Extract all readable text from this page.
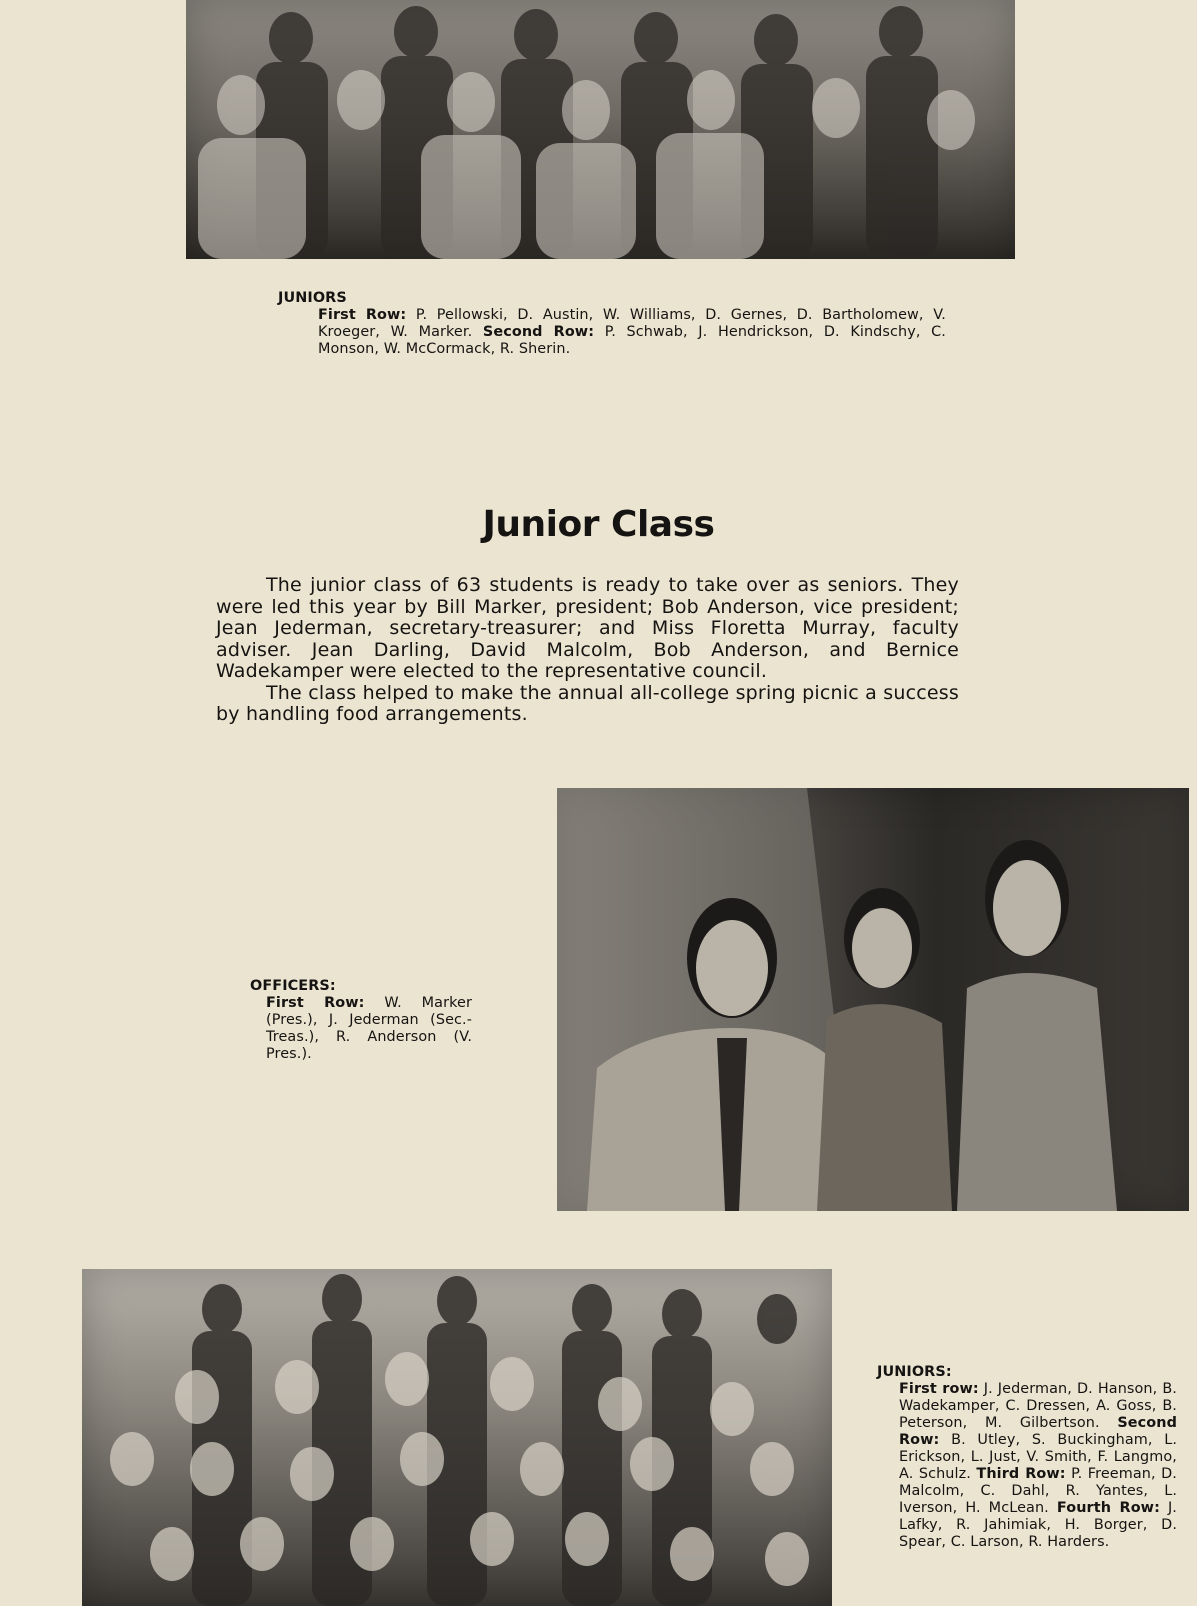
JUNIORS
First Row: P. Pellowski, D. Austin, W. Williams, D. Gernes, D. Bartholomew, V. Kroeger, W. Marker. Second Row: P. Schwab, J. Hendrickson, D. Kindschy, C. Monson, W. McCormack, R. Sherin.
Junior Class

The junior class of 63 students is ready to take over as seniors. They were led this year by Bill Marker, president; Bob Anderson, vice president; Jean Jederman, secretary-treasurer; and Miss Floretta Murray, faculty adviser. Jean Darling, David Malcolm, Bob Anderson, and Bernice Wadekamper were elected to the representative council.

The class helped to make the annual all-college spring picnic a success by handling food arrangements.

OFFICERS:
First Row: W. Marker (Pres.), J. Jederman (Sec.-Treas.), R. Anderson (V. Pres.).
JUNIORS:
First row: J. Jederman, D. Hanson, B. Wadekamper, C. Dressen, A. Goss, B. Peterson, M. Gilbertson. Second Row: B. Utley, S. Buckingham, L. Erickson, L. Just, V. Smith, F. Langmo, A. Schulz. Third Row: P. Freeman, D. Malcolm, C. Dahl, R. Yantes, L. Iverson, H. McLean. Fourth Row: J. Lafky, R. Jahimiak, H. Borger, D. Spear, C. Larson, R. Harders.
